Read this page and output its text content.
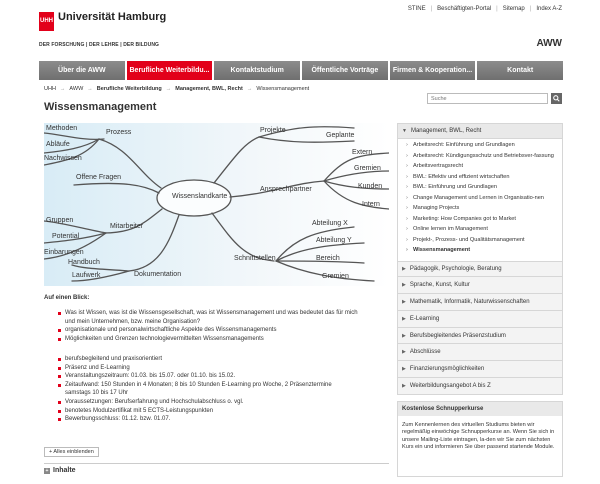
UHH Universität Hamburg
DER FORSCHUNG | DER LEHRE | DER BILDUNG
STINE | Beschäftigten-Portal | Sitemap | Index A-Z
AWW
Über die AWW	Berufliche Weiterbildu...	Kontaktstudium	Öffentliche Vorträge	Firmen & Kooperation...	Kontakt
UHH → AWW → Berufliche Weiterbildung → Management, BWL, Recht → Wissensmanagement
Wissensmanagement
Suche
Wissenslandkarte
Methoden
Prozess
Abläufe
Nachwissen
Offene Fragen
Gruppen
Potential
Mitarbeiter
Einbarungen
Handbuch
Laufwerk	Dokumentation
Projekte
Geplante
Ansprechpartner
Extern
Gremien
Kunden
Intern
Schnittstellen
Abteilung X
Abteilung Y
Bereich
Gremien
Auf einen Blick:
Was ist Wissen, was ist die Wissensgesellschaft, was ist Wissensmanagement und was bedeutet das für mich und mein Unternehmen, bzw. meine Organisation?
organisationale und personalwirtschaftliche Aspekte des Wissensmanagements
Möglichkeiten und Grenzen technologievermittelten Wissensmanagements
berufsbegleitend und praxisorientiert
Präsenz und E-Learning
Veranstaltungszeitraum: 01.03. bis 15.07. oder 01.10. bis 15.02.
Zeitaufwand: 150 Stunden in 4 Monaten; 8 bis 10 Stunden E-Learning pro Woche, 2 Präsenztermine samstags 10 bis 17 Uhr
Voraussetzungen: Berufserfahrung und Hochschulabschluss o. vgl.
benotetes Modulzertifikat mit 5 ECTS-Leistungspunkten
Bewerbungsschluss: 01.12. bzw. 01.07.
+ Alles einblenden
+ Inhalte
▼ Management, BWL, Recht
› Arbeitsrecht: Einführung und Grundlagen
› Arbeitsrecht: Kündigungsschutz und Betriebsver-fassung
› Arbeitsvertragsrecht
› BWL: Effektiv und effizient wirtschaften
› BWL: Einführung und Grundlagen
› Change Management und Lernen in Organisatio-nen
› Managing Projects
› Marketing: How Companies got to Market
› Online lernen im Management
› Projekt-, Prozess- und Qualitätsmanagement
› Wissensmanagement
▶ Pädagogik, Psychologie, Beratung
▶ Sprache, Kunst, Kultur
▶ Mathematik, Informatik, Naturwissenschaften
▶ E-Learning
▶ Berufsbegleitendes Präsenzstudium
▶ Abschlüsse
▶ Finanzierungsmöglichkeiten
▶ Weiterbildungsangebot A bis Z
Kostenlose Schnupperkurse
Zum Kennenlernen des virtuellen Studiums bieten wir regelmäßig einwöchige Schnupperkurse an. Wenn Sie sich in unsere Mailing-Liste eintragen, la-den wir Sie zum nächsten Kurs ein und informieren Sie über passend startende Module.
